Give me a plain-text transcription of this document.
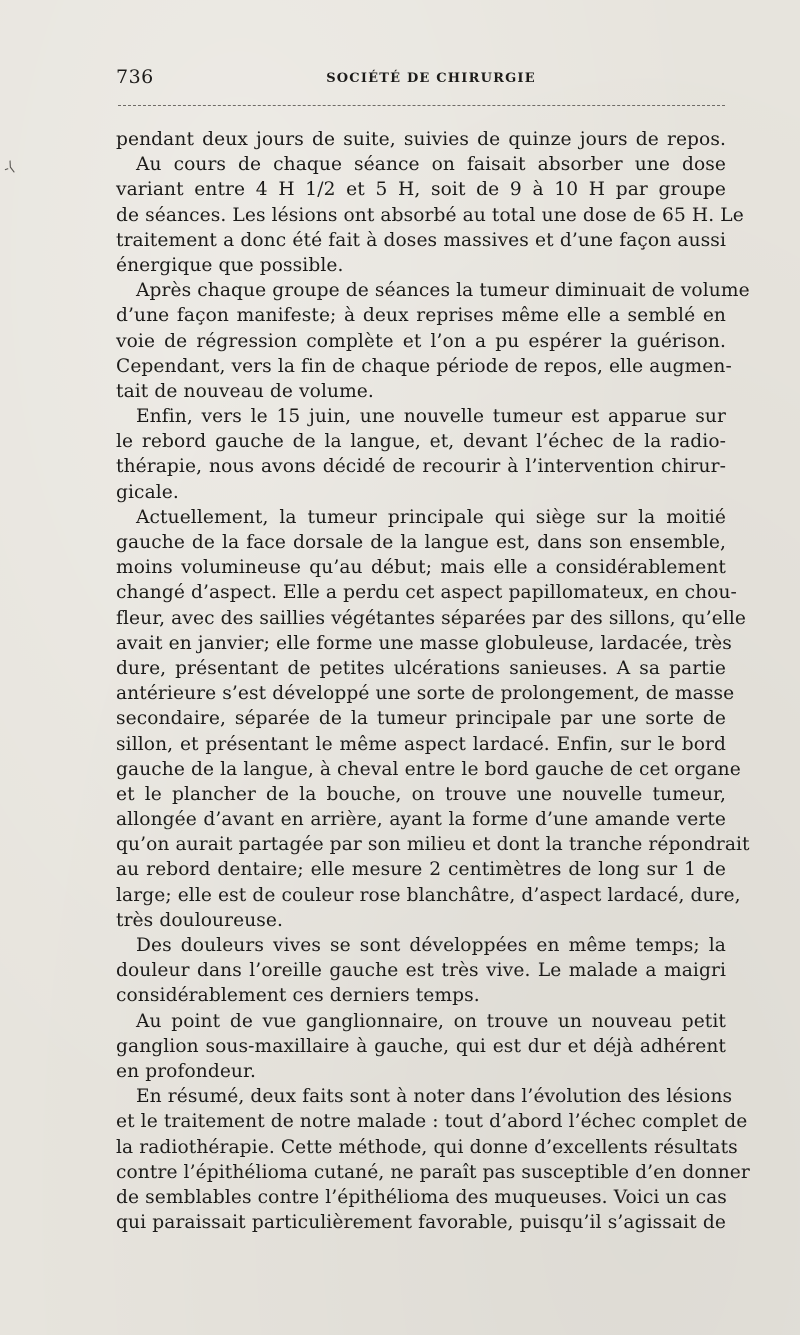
-⟨
736	SOCIÉTÉ DE CHIRURGIE
pendant deux jours de suite, suivies de quinze jours de repos.
Au cours de chaque séance on faisait absorber une dose
variant entre 4 H 1/2 et 5 H, soit de 9 à 10 H par groupe
de séances. Les lésions ont absorbé au total une dose de 65 H. Le
traitement a donc été fait à doses massives et d’une façon aussi
énergique que possible.
Après chaque groupe de séances la tumeur diminuait de volume
d’une façon manifeste; à deux reprises même elle a semblé en
voie de régression complète et l’on a pu espérer la guérison.
Cependant, vers la fin de chaque période de repos, elle augmen-
tait de nouveau de volume.
Enfin, vers le 15 juin, une nouvelle tumeur est apparue sur
le rebord gauche de la langue, et, devant l’échec de la radio-
thérapie, nous avons décidé de recourir à l’intervention chirur-
gicale.
Actuellement, la tumeur principale qui siège sur la moitié
gauche de la face dorsale de la langue est, dans son ensemble,
moins volumineuse qu’au début; mais elle a considérablement
changé d’aspect. Elle a perdu cet aspect papillomateux, en chou-
fleur, avec des saillies végétantes séparées par des sillons, qu’elle
avait en janvier; elle forme une masse globuleuse, lardacée, très
dure, présentant de petites ulcérations sanieuses. A sa partie
antérieure s’est développé une sorte de prolongement, de masse
secondaire, séparée de la tumeur principale par une sorte de
sillon, et présentant le même aspect lardacé. Enfin, sur le bord
gauche de la langue, à cheval entre le bord gauche de cet organe
et le plancher de la bouche, on trouve une nouvelle tumeur,
allongée d’avant en arrière, ayant la forme d’une amande verte
qu’on aurait partagée par son milieu et dont la tranche répondrait
au rebord dentaire; elle mesure 2 centimètres de long sur 1 de
large; elle est de couleur rose blanchâtre, d’aspect lardacé, dure,
très douloureuse.
Des douleurs vives se sont développées en même temps; la
douleur dans l’oreille gauche est très vive. Le malade a maigri
considérablement ces derniers temps.
Au point de vue ganglionnaire, on trouve un nouveau petit
ganglion sous-maxillaire à gauche, qui est dur et déjà adhérent
en profondeur.
En résumé, deux faits sont à noter dans l’évolution des lésions
et le traitement de notre malade : tout d’abord l’échec complet de
la radiothérapie. Cette méthode, qui donne d’excellents résultats
contre l’épithélioma cutané, ne paraît pas susceptible d’en donner
de semblables contre l’épithélioma des muqueuses. Voici un cas
qui paraissait particulièrement favorable, puisqu’il s’agissait de
